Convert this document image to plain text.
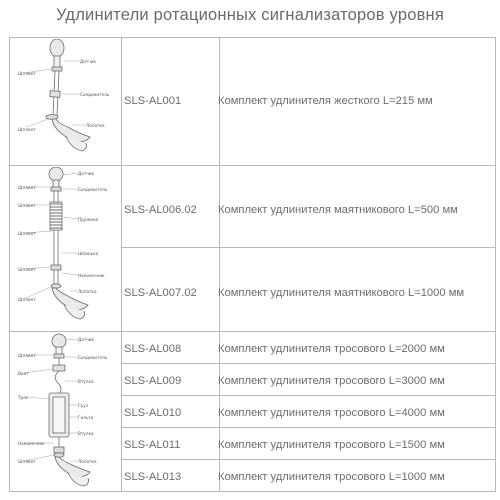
Удлинители ротационных сигнализаторов уровня
SLS-AL001	Комплект удлинителя жесткого L=215 мм
SLS-AL006.02	Комплект удлинителя маятникового L=500 мм
SLS-AL007.02	Комплект удлинителя маятникового L=1000 мм
SLS-AL008	Комплект удлинителя тросового L=2000 мм
SLS-AL009	Комплект удлинителя тросового L=3000 мм
SLS-AL010	Комплект удлинителя тросового L=4000 мм
SLS-AL011	Комплект удлинителя тросового L=1500 мм
SLS-AL013	Комплект удлинителя тросового L=1000 мм
Шплинт
Датчик
Соединитель
Шплинт
Лопатка
Датчик
Шплинт	Соединитель
Шплинт
Пружина
Шплинт
Шпилька
Шплинт
Наконечник
Лопатка
Шплинт
Датчик
Шплинт	Соединитель
Втулка
Винт
Трос
Груз
Гильза
Наконечник
Втулка
Шплинт	Лопатка
